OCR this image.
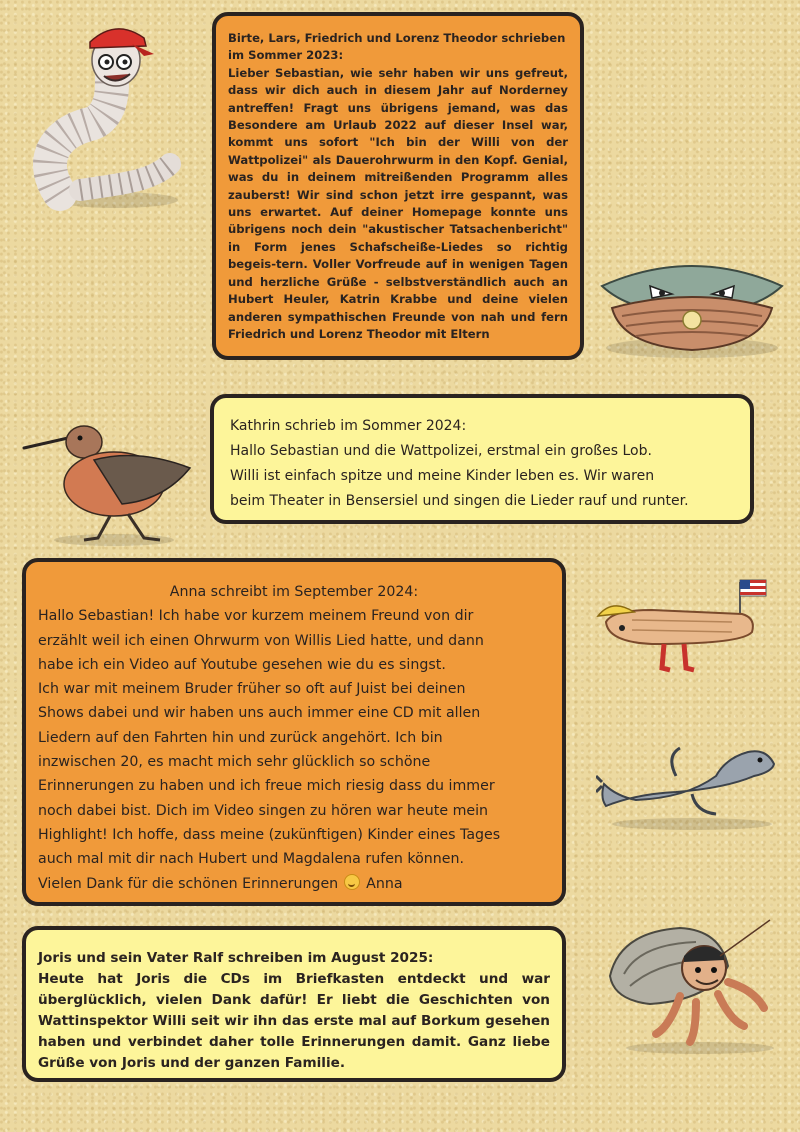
Birte, Lars, Friedrich und Lorenz Theodor schrieben im Sommer 2023:

Lieber Sebastian, wie sehr haben wir uns gefreut, dass wir dich auch in diesem Jahr auf Norderney antreffen! Fragt uns übrigens jemand, was das Besondere am Urlaub 2022 auf dieser Insel war, kommt uns sofort "Ich bin der Willi von der Wattpolizei" als Dauerohrwurm in den Kopf. Genial, was du in deinem mitreißenden Programm alles zauberst! Wir sind schon jetzt irre gespannt, was uns erwartet. Auf deiner Homepage konnte uns übrigens noch dein "akustischer Tatsachenbericht" in Form jenes Schafscheiße-Liedes so richtig begeis-tern. Voller Vorfreude auf in wenigen Tagen und herzliche Grüße - selbstverständlich auch an Hubert Heuler, Katrin Krabbe und deine vielen anderen sympathischen Freunde von nah und fern Friedrich und Lorenz Theodor mit Eltern

Kathrin schrieb im Sommer 2024:

Hallo Sebastian und die Wattpolizei, erstmal ein großes Lob.

Willi ist einfach spitze und meine Kinder leben es. Wir waren

beim Theater in Bensersiel und singen die Lieder rauf und runter.

Anna schreibt im September 2024:

Hallo Sebastian! Ich habe vor kurzem meinem Freund von dir

erzählt weil ich einen Ohrwurm von Willis Lied hatte, und dann

habe ich ein Video auf Youtube gesehen wie du es singst.

Ich war mit meinem Bruder früher so oft auf Juist bei deinen

Shows dabei und wir haben uns auch immer eine CD mit allen

Liedern auf den Fahrten hin und zurück angehört. Ich bin

inzwischen 20, es macht mich sehr glücklich so schöne

Erinnerungen zu haben und ich freue mich riesig dass du immer

noch dabei bist. Dich im Video singen zu hören war heute mein

Highlight! Ich hoffe, dass meine (zukünftigen) Kinder eines Tages

auch mal mit dir nach Hubert und Magdalena rufen können.

Vielen Dank für die schönen Erinnerungen Anna

Joris und sein Vater Ralf schreiben im August 2025:

Heute hat Joris die CDs im Briefkasten entdeckt und war überglücklich, vielen Dank dafür! Er liebt die Geschichten von Wattinspektor Willi seit wir ihn das erste mal auf Borkum gesehen haben und verbindet daher tolle Erinnerungen damit. Ganz liebe Grüße von Joris und der ganzen Familie.
